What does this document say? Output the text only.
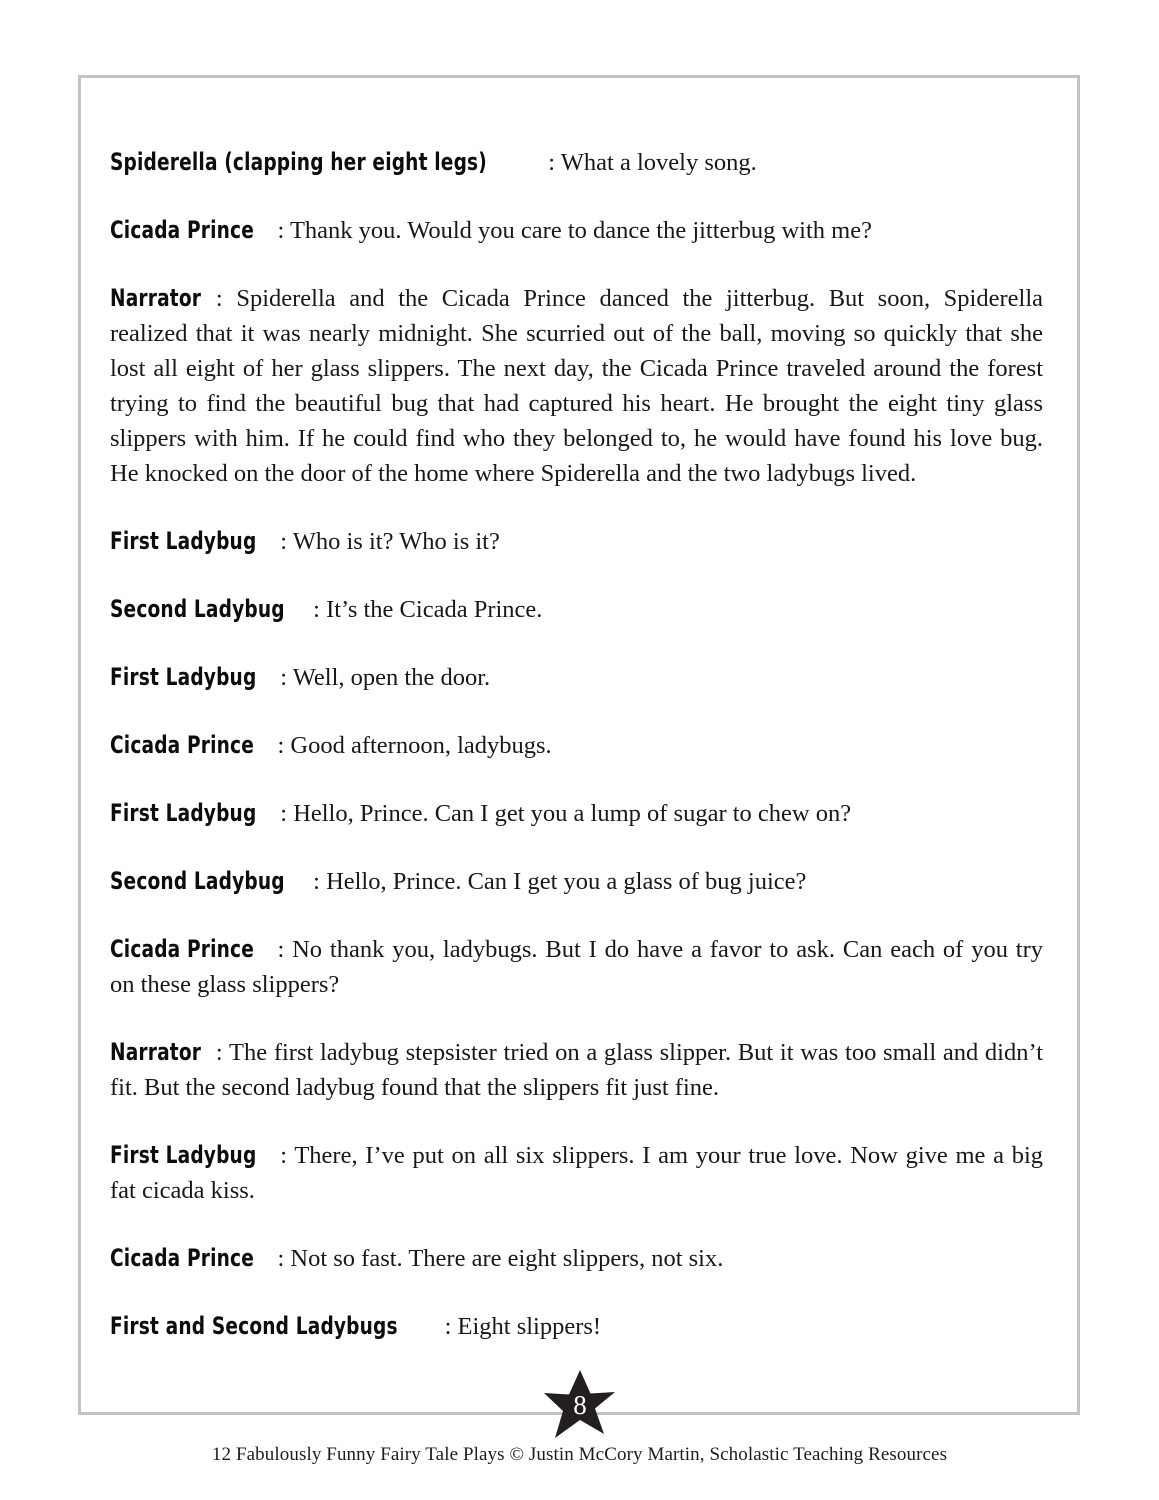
Spiderella (clapping her eight legs)	: What a lovely song.

Cicada Prince : Thank you. Would you care to dance the jitterbug with me?

Narrator : Spiderella and the Cicada Prince danced the jitterbug. But soon, Spiderella realized that it was nearly midnight. She scurried out of the ball, moving so quickly that she lost all eight of her glass slippers. The next day, the Cicada Prince traveled around the forest trying to find the beautiful bug that had captured his heart. He brought the eight tiny glass slippers with him. If he could find who they belonged to, he would have found his love bug. He knocked on the door of the home where Spiderella and the two ladybugs lived.

First Ladybug : Who is it? Who is it?

Second Ladybug : It’s the Cicada Prince.

First Ladybug : Well, open the door.

Cicada Prince : Good afternoon, ladybugs.

First Ladybug : Hello, Prince. Can I get you a lump of sugar to chew on?

Second Ladybug : Hello, Prince. Can I get you a glass of bug juice?

Cicada Prince : No thank you, ladybugs. But I do have a favor to ask. Can each of you try on these glass slippers?

Narrator : The first ladybug stepsister tried on a glass slipper. But it was too small and didn’t fit. But the second ladybug found that the slippers fit just fine.

First Ladybug : There, I’ve put on all six slippers. I am your true love. Now give me a big fat cicada kiss.

Cicada Prince : Not so fast. There are eight slippers, not six.

First and Second Ladybugs : Eight slippers!

8
12 Fabulously Funny Fairy Tale Plays © Justin McCory Martin, Scholastic Teaching Resources
